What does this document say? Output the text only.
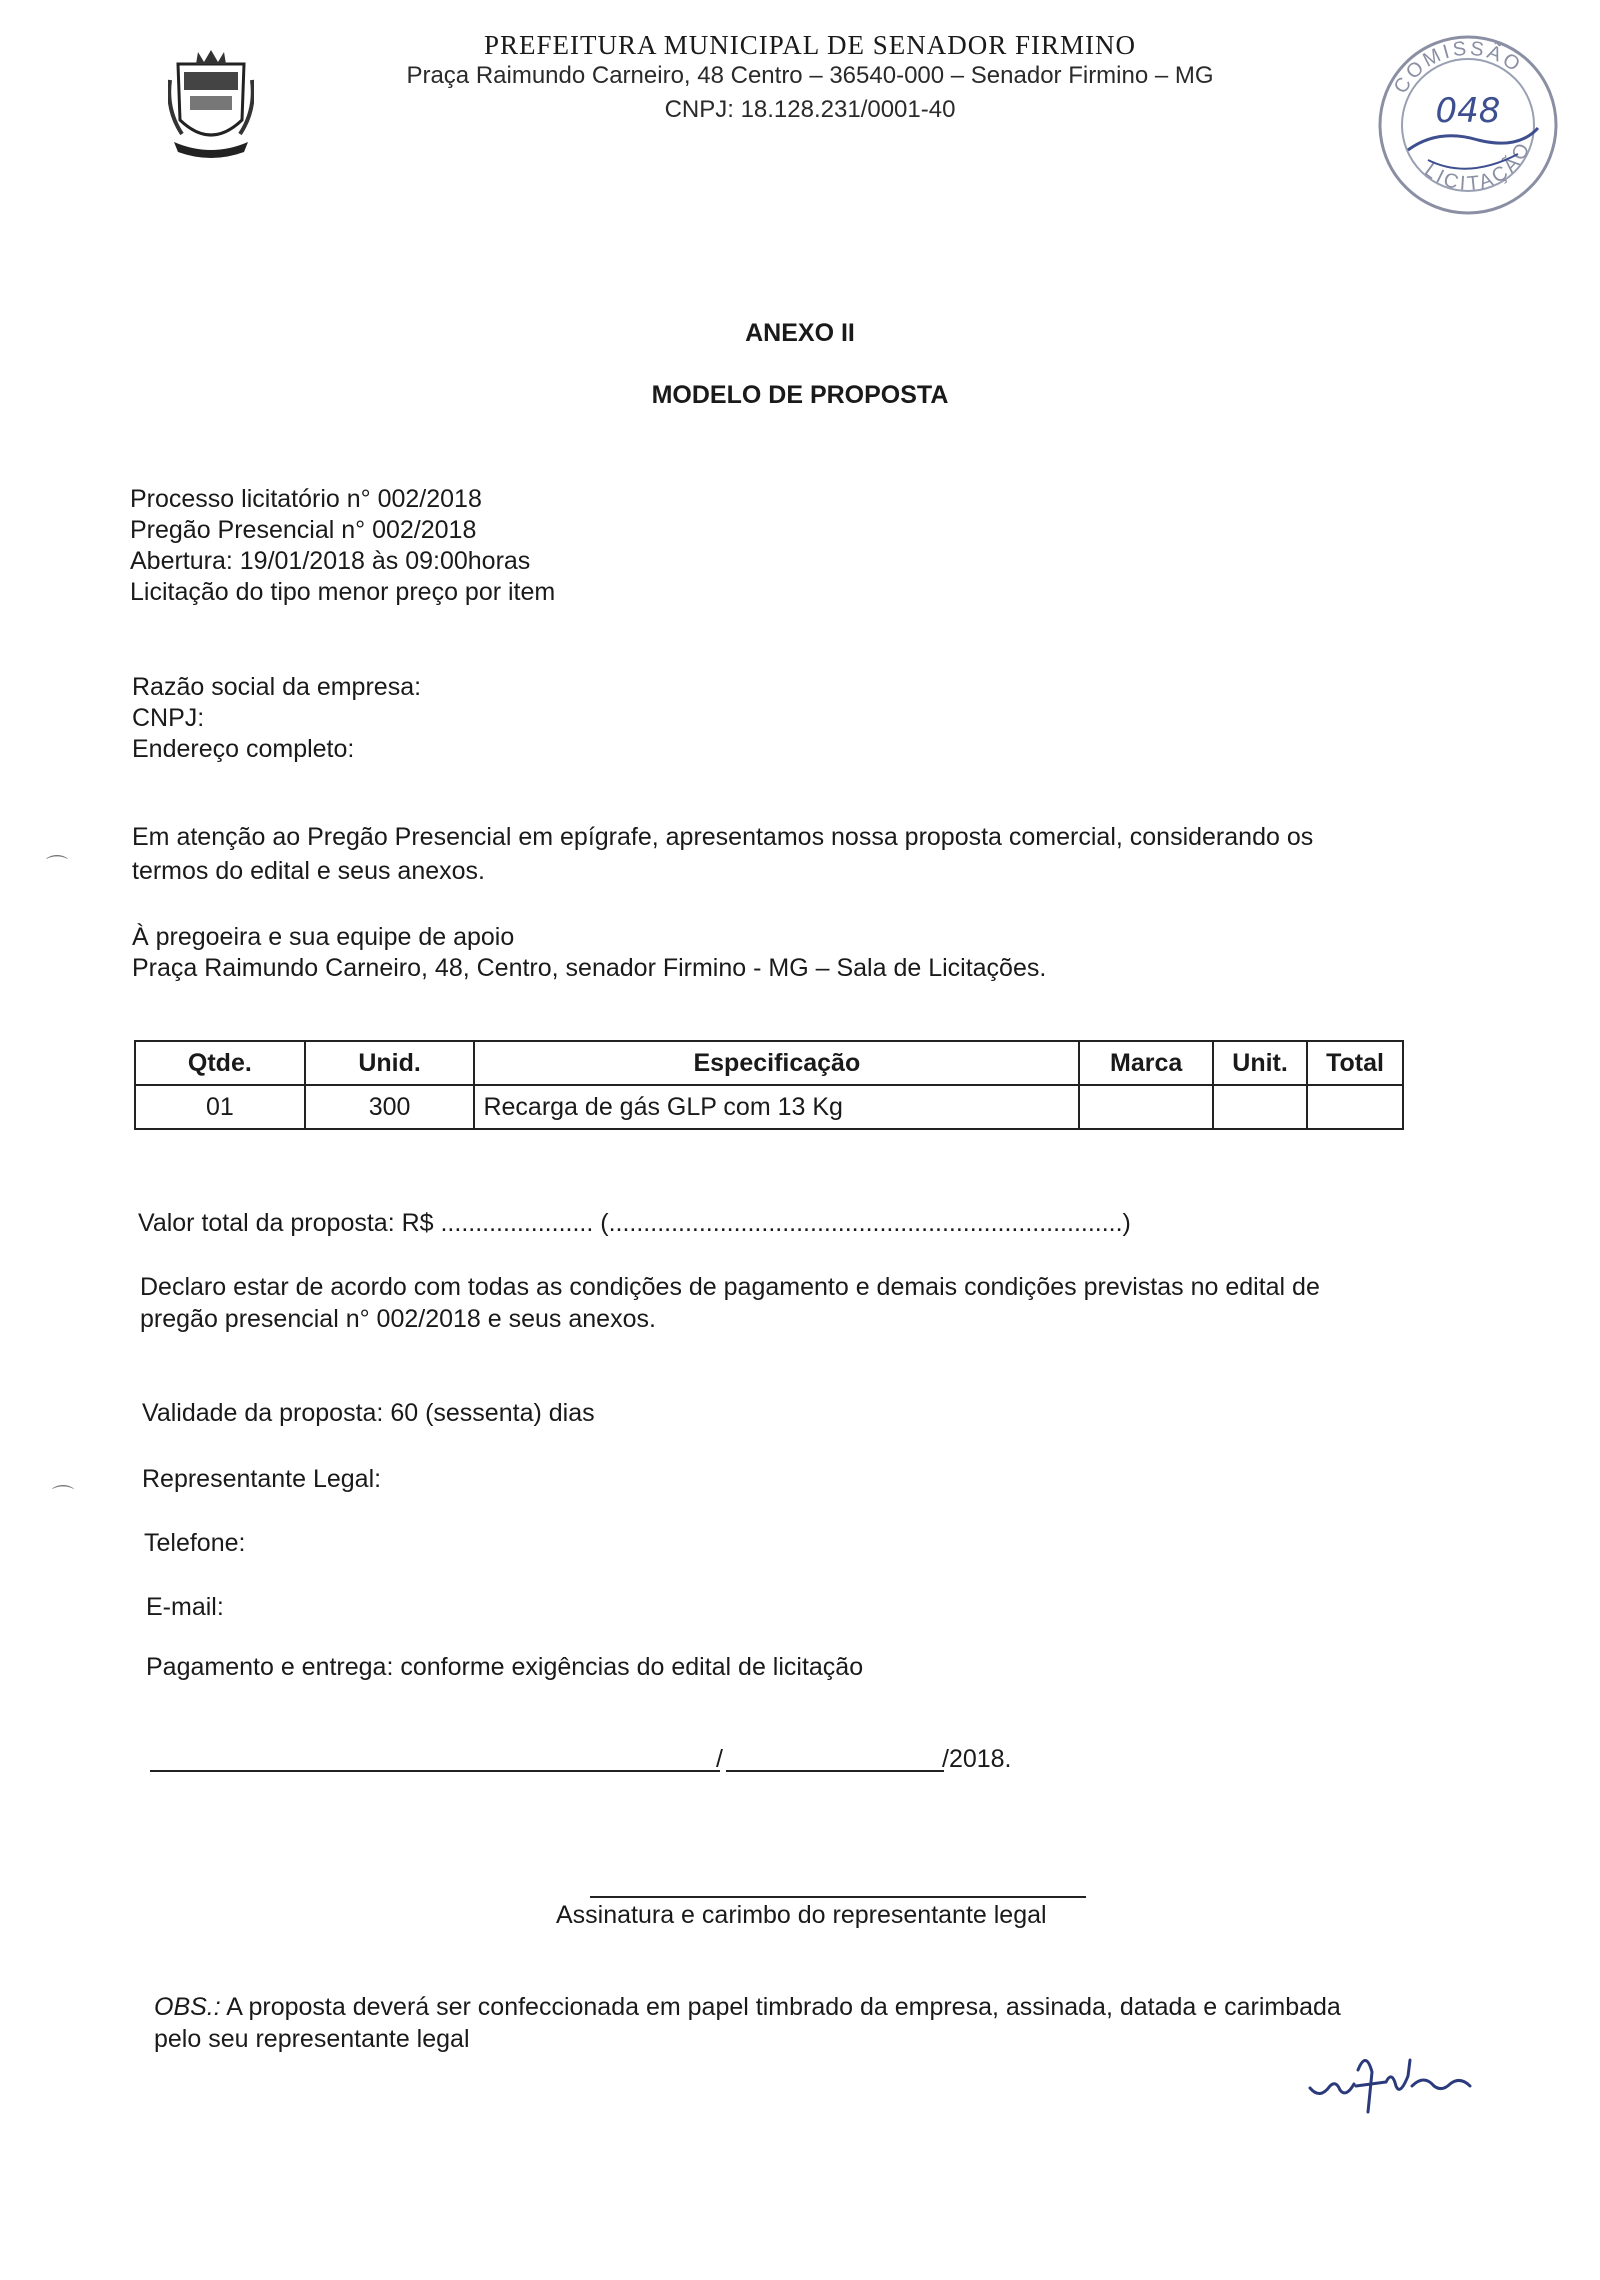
PREFEITURA MUNICIPAL DE SENADOR FIRMINO
Praça Raimundo Carneiro, 48 Centro – 36540-000 – Senador Firmino – MG
CNPJ: 18.128.231/0001-40
COMISSÃO
LICITAÇÃO
048
ANEXO II
MODELO DE PROPOSTA
Processo licitatório n° 002/2018
Pregão Presencial n° 002/2018
Abertura: 19/01/2018 às 09:00horas
Licitação do tipo menor preço por item
Razão social da empresa:
CNPJ:
Endereço completo:
Em atenção ao Pregão Presencial em epígrafe, apresentamos nossa proposta comercial, considerando os
termos do edital e seus anexos.
À pregoeira e sua equipe de apoio
Praça Raimundo Carneiro, 48, Centro, senador Firmino - MG – Sala de Licitações.
Qtde.	Unid.	Especificação	Marca	Unit.	Total
01	300	Recarga de gás GLP com 13 Kg			
Valor total da proposta: R$ ...................... (..........................................................................)
Declaro estar de acordo com todas as condições de pagamento e demais condições previstas no edital de
pregão presencial n° 002/2018 e seus anexos.
Validade da proposta: 60 (sessenta) dias
Representante Legal:
Telefone:
E-mail:
Pagamento e entrega: conforme exigências do edital de licitação
/	/2018.
Assinatura e carimbo do representante legal
OBS.: A proposta deverá ser confeccionada em papel timbrado da empresa, assinada, datada e carimbada
pelo seu representante legal
⌒
⌒
